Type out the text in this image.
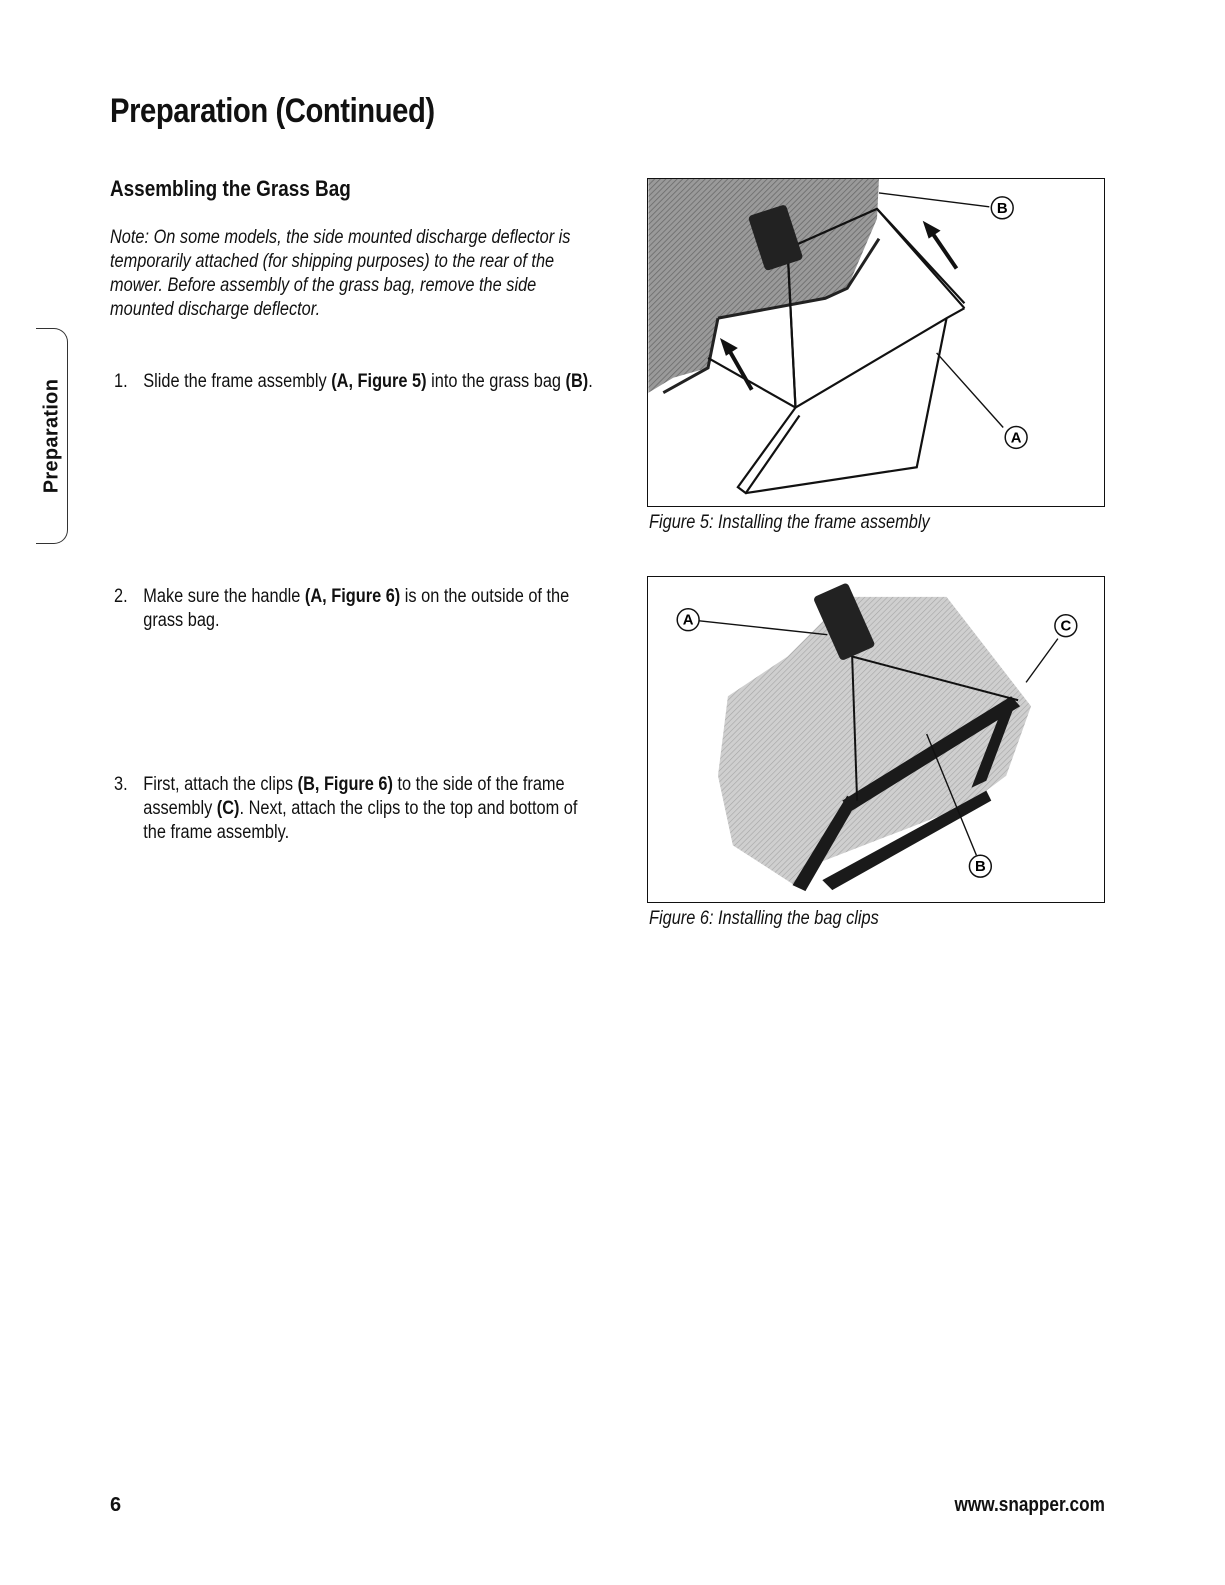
Preparation (Continued)
Preparation
Assembling the Grass Bag

Note: On some models, the side mounted discharge deflector is temporarily attached (for shipping purposes) to the rear of the mower. Before assembly of the grass bag, remove the side mounted discharge deflector.

1. Slide the frame assembly (A, Figure 5) into the grass bag (B).
2. Make sure the handle (A, Figure 6) is on the outside of the grass bag.
3. First, attach the clips (B, Figure 6) to the side of the frame assembly (C). Next, attach the clips to the top and bottom of the frame assembly.
B
A
Figure 5: Installing the frame assembly
A	C
B
Figure 6: Installing the bag clips
6	www.snapper.com
